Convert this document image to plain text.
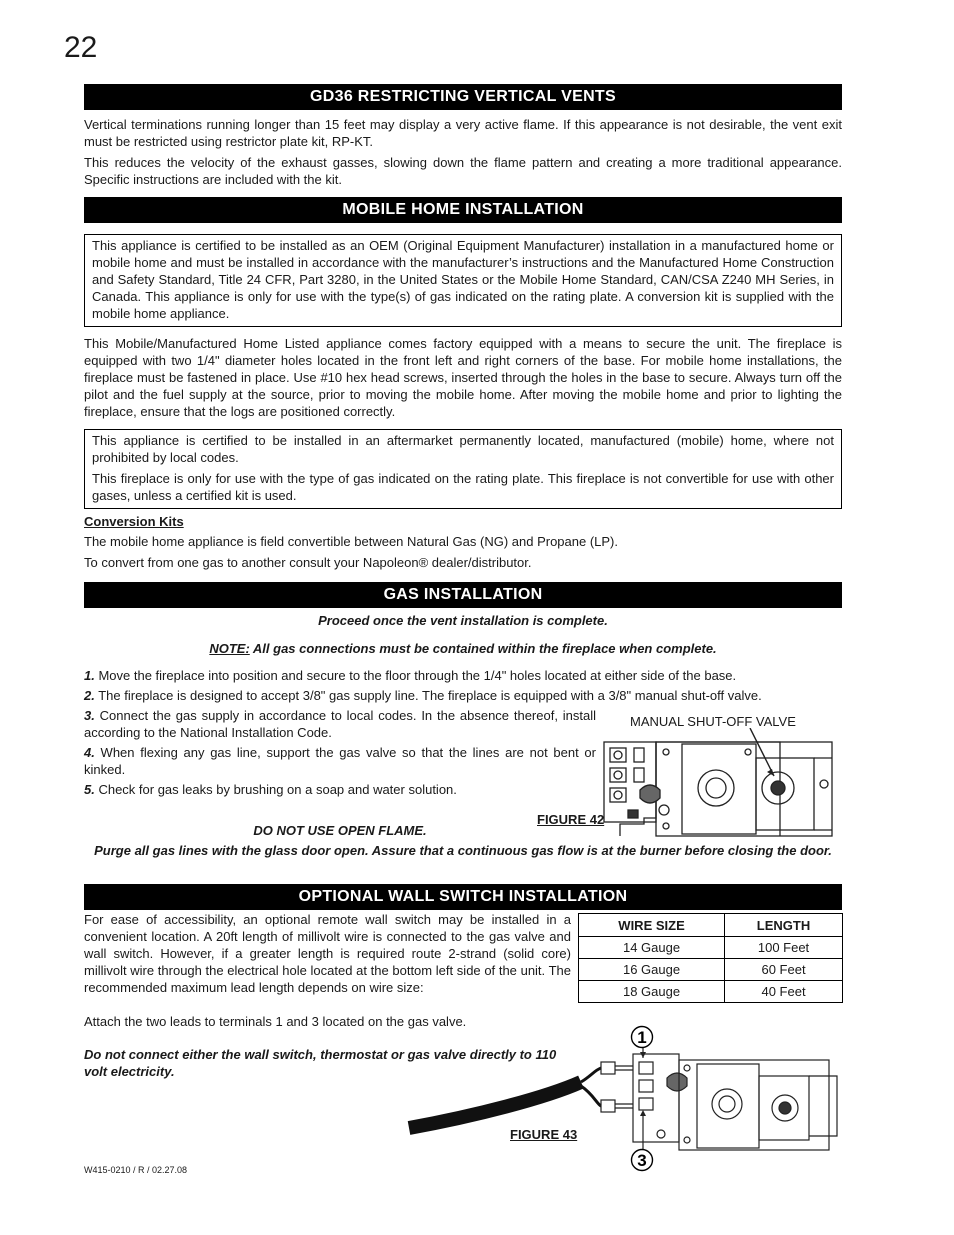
22
GD36 RESTRICTING VERTICAL VENTS
Vertical terminations running longer than 15 feet may display a very active flame. If this appearance is not desirable, the vent exit must be restricted using restrictor plate kit, RP-KT.
This reduces the velocity of the exhaust gasses, slowing down the flame pattern and creating a more traditional appearance. Specific instructions are included with the kit.
MOBILE HOME INSTALLATION

This appliance is certified to be installed as an OEM (Original Equipment Manufacturer) installation in a manufactured home or mobile home and must be installed in accordance with the manufacturer’s instructions and the Manufactured Home Construction and Safety Standard, Title 24 CFR, Part 3280, in the United States or the Mobile Home Standard, CAN/CSA Z240 MH Series, in Canada. This appliance is only for use with the type(s) of gas indicated on the rating plate. A conversion kit is supplied with the mobile home appliance.

This Mobile/Manufactured Home Listed appliance comes factory equipped with a means to secure the unit. The fireplace is equipped with two 1/4" diameter holes located in the front left and right corners of the base. For mobile home installations, the fireplace must be fastened in place. Use #10 hex head screws, inserted through the holes in the base to secure. Always turn off the pilot and the fuel supply at the source, prior to moving the mobile home. After moving the mobile home and prior to lighting the fireplace, ensure that the logs are positioned correctly.

This appliance is certified to be installed in an aftermarket permanently located, manufactured (mobile) home, where not prohibited by local codes.

This fireplace is only for use with the type of gas indicated on the rating plate. This fireplace is not convertible for use with other gases, unless a certified kit is used.

Conversion Kits
The mobile home appliance is field convertible between Natural Gas (NG) and Propane (LP).
To convert from one gas to another consult your Napoleon® dealer/distributor.
GAS INSTALLATION
Proceed once the vent installation is complete.
NOTE: All gas connections must be contained within the fireplace when complete.
1. Move the fireplace into position and secure to the floor through the 1/4" holes located at either side of the base.
2. The fireplace is designed to accept 3/8" gas supply line. The fireplace is equipped with a 3/8" manual shut-off valve.
3. Connect the gas supply in accordance to local codes. In the absence thereof, install according to the National Installation Code.
4. When flexing any gas line, support the gas valve so that the lines are not bent or kinked.
5. Check for gas leaks by brushing on a soap and water solution.
MANUAL SHUT-OFF VALVE
FIGURE 42
DO NOT USE OPEN FLAME.
Purge all gas lines with the glass door open. Assure that a continuous gas flow is at the burner before closing the door.
OPTIONAL WALL SWITCH INSTALLATION
For ease of accessibility, an optional remote wall switch may be installed in a convenient location. A 20ft length of millivolt wire is connected to the gas valve and wall switch. However, if a greater length is required route 2-strand (solid core) millivolt wire through the electrical hole located at the bottom left side of the unit. The recommended maximum lead length depends on wire size:
WIRE SIZE	LENGTH
14 Gauge	100 Feet
16 Gauge	60 Feet
18 Gauge	40 Feet
Attach the two leads to terminals 1 and 3 located on the gas valve.
Do not connect either the wall switch, thermostat or gas valve directly to 110 volt electricity.
1
3
FIGURE 43
W415-0210 / R / 02.27.08
